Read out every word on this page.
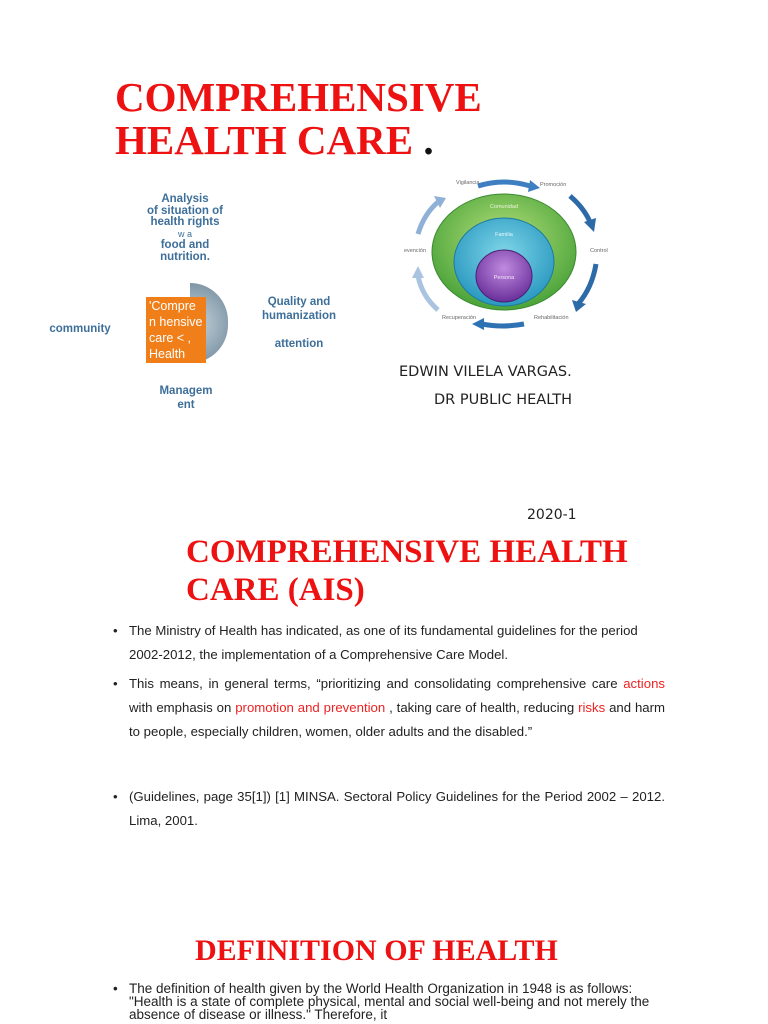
COMPREHENSIVE
HEALTH CARE .
Analysis
of situation of
health rights
w a
food and
nutrition.
'Compre n hensive care < , Health
community
Quality and
humanization
attention
Managem
ent
Comunidad
Familia
Persona
Vigilancia	Promoción
Control
evención
Recuperación	Rehabilitación
EDWIN VILELA VARGAS.
DR PUBLIC HEALTH
2020-1
COMPREHENSIVE HEALTH
CARE (AIS)
• The Ministry of Health has indicated, as one of its fundamental guidelines for the period 2002-2012, the implementation of a Comprehensive Care Model.
• This means, in general terms, “prioritizing and consolidating comprehensive care actions with emphasis on promotion and prevention , taking care of health, reducing risks and harm to people, especially children, women, older adults and the disabled.”
• (Guidelines, page 35[1]) [1] MINSA. Sectoral Policy Guidelines for the Period 2002 – 2012. Lima, 2001.
DEFINITION OF HEALTH
• The definition of health given by the World Health Organization in 1948 is as follows: "Health is a state of complete physical, mental and social well-being and not merely the absence of disease or illness." Therefore, it
